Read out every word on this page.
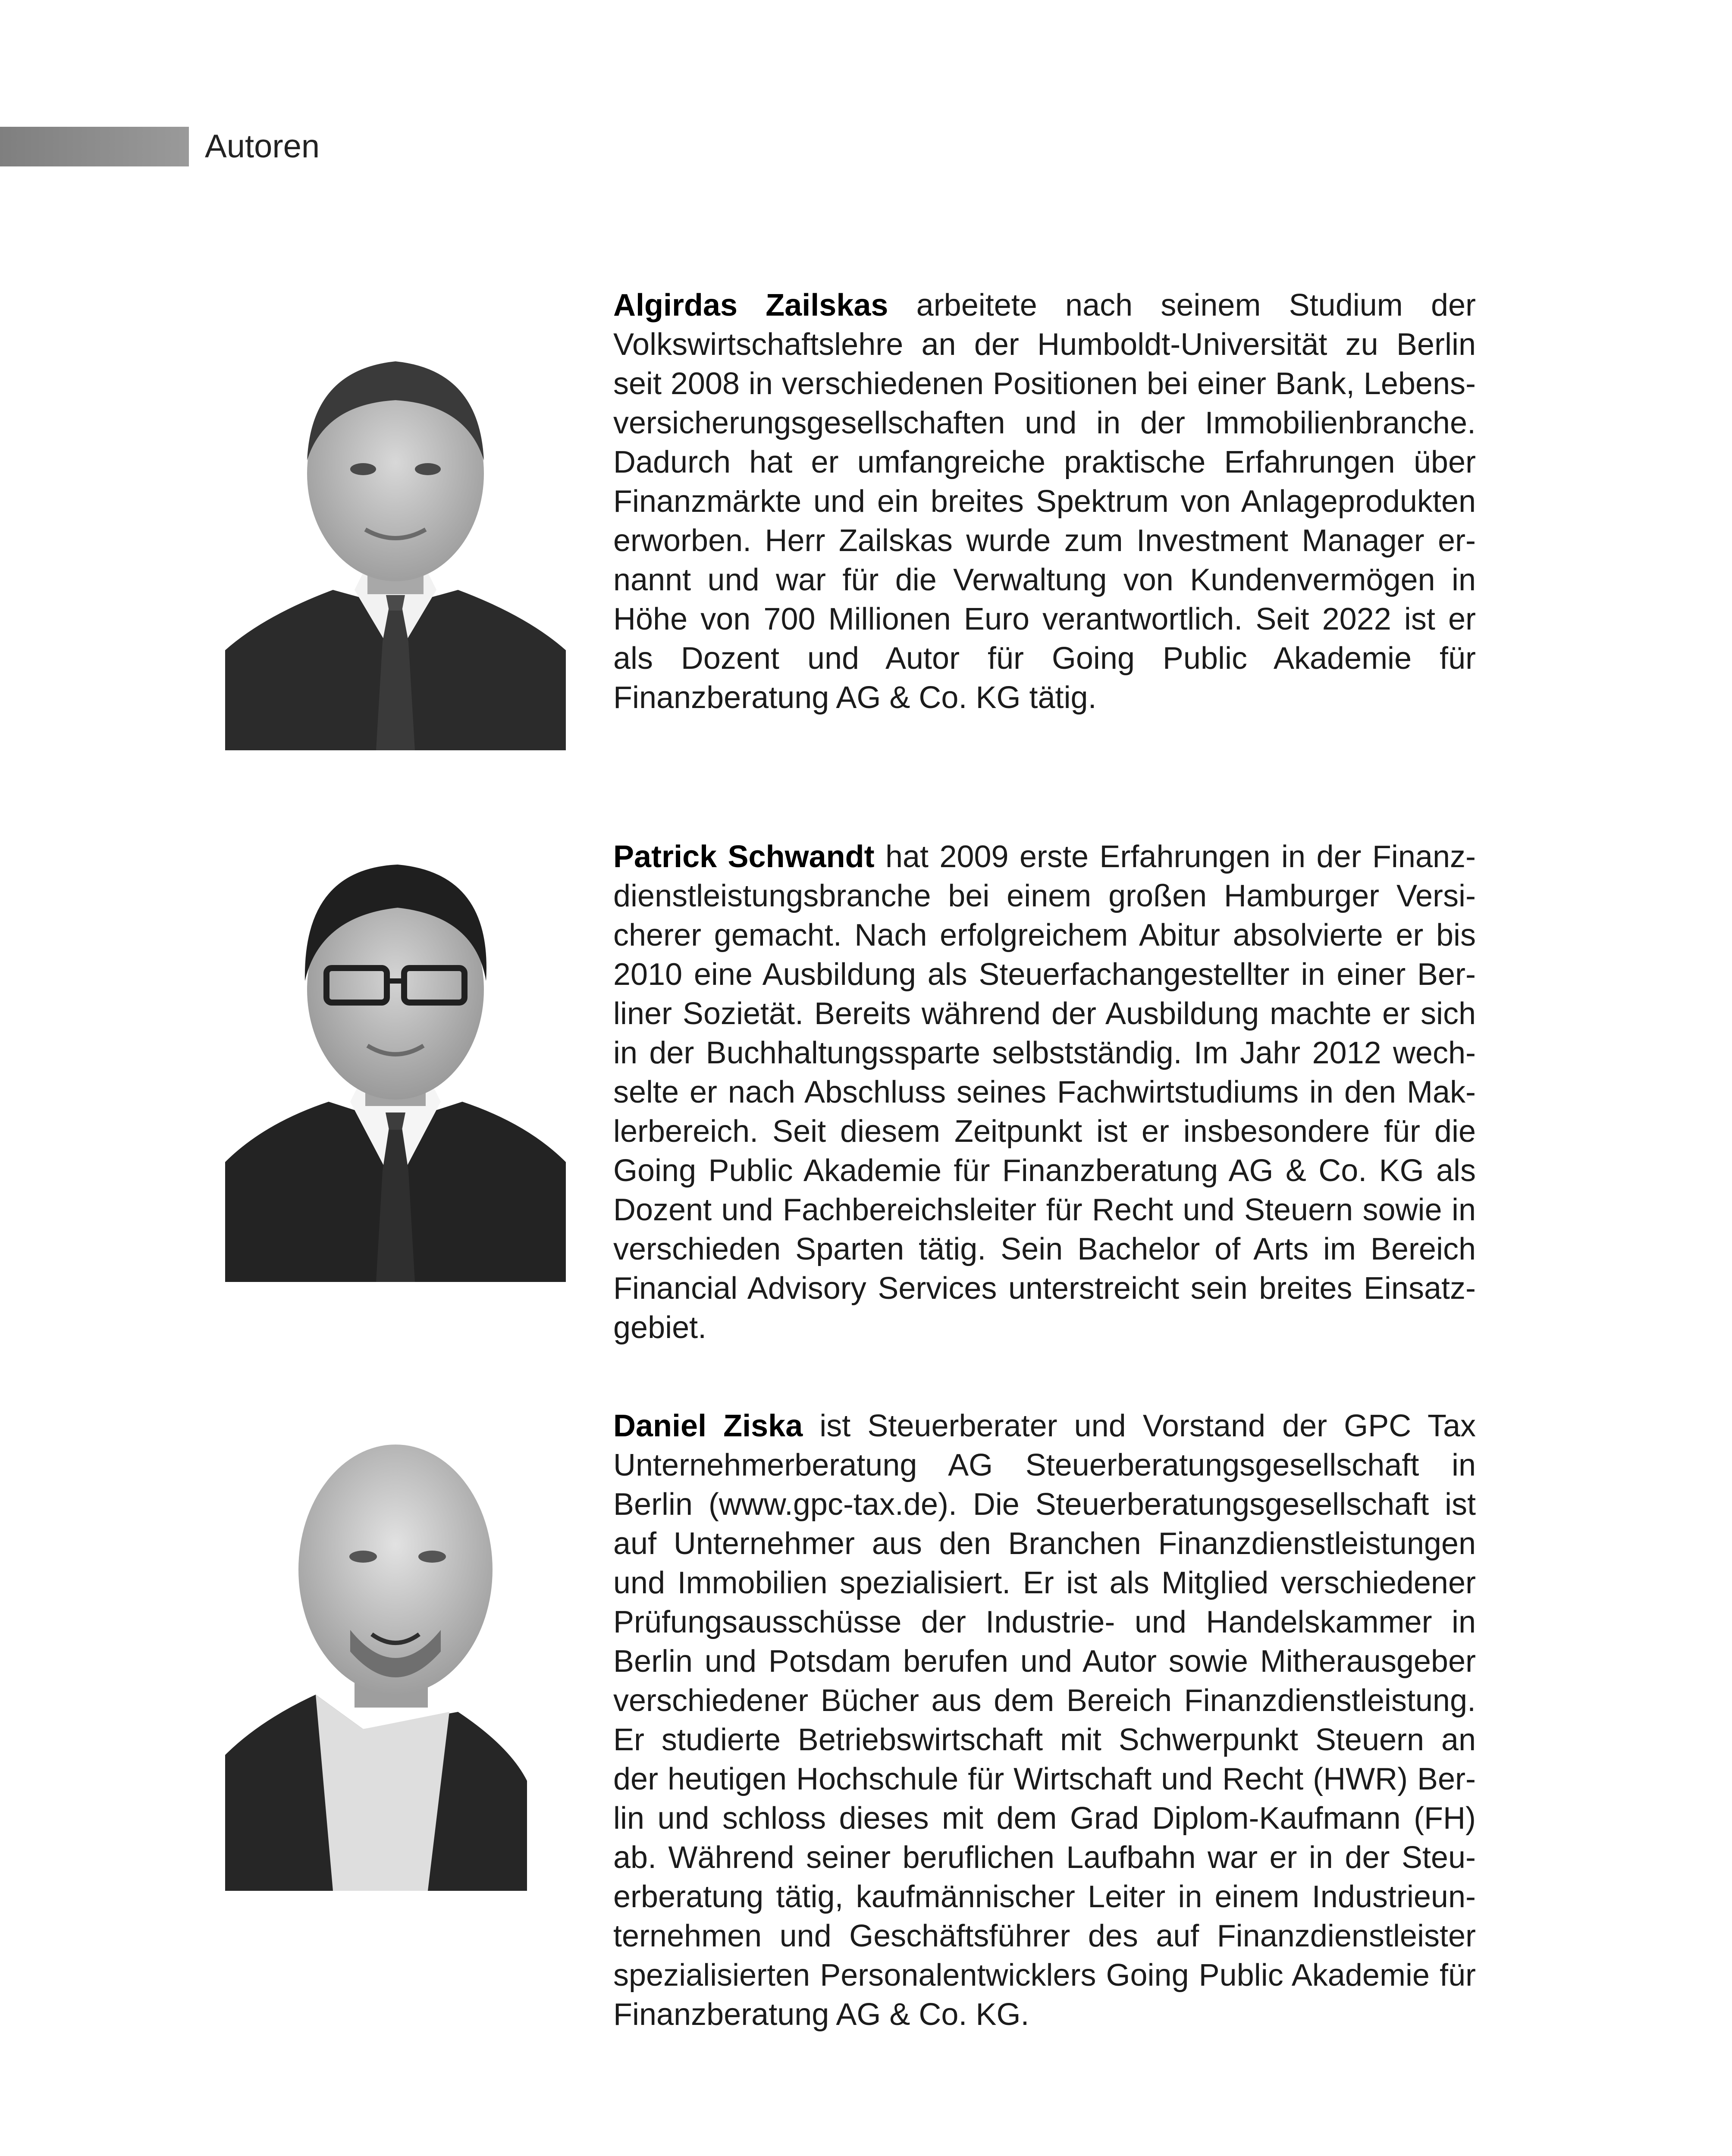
Autoren
Algirdas Zailskas arbeitete nach seinem Studium der Volkswirtschaftslehre an der Humboldt-Universität zu Berlin seit 2008 in verschiedenen Positionen bei einer Bank, Lebensversicherungsgesellschaften und in der Immobilienbranche. Dadurch hat er umfangreiche praktische Erfahrungen über Finanzmärkte und ein breites Spektrum von Anlageprodukten erworben. Herr Zailskas wurde zum Investment Manager ernannt und war für die Verwaltung von Kundenvermögen in Höhe von 700 Millionen Euro verantwortlich. Seit 2022 ist er als Dozent und Autor für Going Public Akademie für Finanzberatung AG & Co. KG tätig.
Patrick Schwandt hat 2009 erste Erfahrungen in der Finanzdienstleistungsbranche bei einem großen Hamburger Versicherer gemacht. Nach erfolgreichem Abitur absolvierte er bis 2010 eine Ausbildung als Steuerfachangestellter in einer Berliner Sozietät. Bereits während der Ausbildung machte er sich in der Buchhaltungssparte selbstständig. Im Jahr 2012 wechselte er nach Abschluss seines Fachwirtstudiums in den Maklerbereich. Seit diesem Zeitpunkt ist er insbesondere für die Going Public Akademie für Finanzberatung AG & Co. KG als Dozent und Fachbereichsleiter für Recht und Steuern sowie in verschieden Sparten tätig. Sein Bachelor of Arts im Bereich Financial Advisory Services unterstreicht sein breites Einsatzgebiet.
Daniel Ziska ist Steuerberater und Vorstand der GPC Tax Unternehmerberatung AG Steuerberatungsgesellschaft in Berlin (www.gpc-tax.de). Die Steuerberatungsgesellschaft ist auf Unternehmer aus den Branchen Finanzdienstleistungen und Immobilien spezialisiert. Er ist als Mitglied verschiedener Prüfungsausschüsse der Industrie- und Handelskammer in Berlin und Potsdam berufen und Autor sowie Mitherausgeber verschiedener Bücher aus dem Bereich Finanzdienstleistung. Er studierte Betriebswirtschaft mit Schwerpunkt Steuern an der heutigen Hochschule für Wirtschaft und Recht (HWR) Berlin und schloss dieses mit dem Grad Diplom-Kaufmann (FH) ab. Während seiner beruflichen Laufbahn war er in der Steuerberatung tätig, kaufmännischer Leiter in einem Industrieunternehmen und Geschäftsführer des auf Finanzdienstleister spezialisierten Personalentwicklers Going Public Akademie für Finanzberatung AG & Co. KG.
